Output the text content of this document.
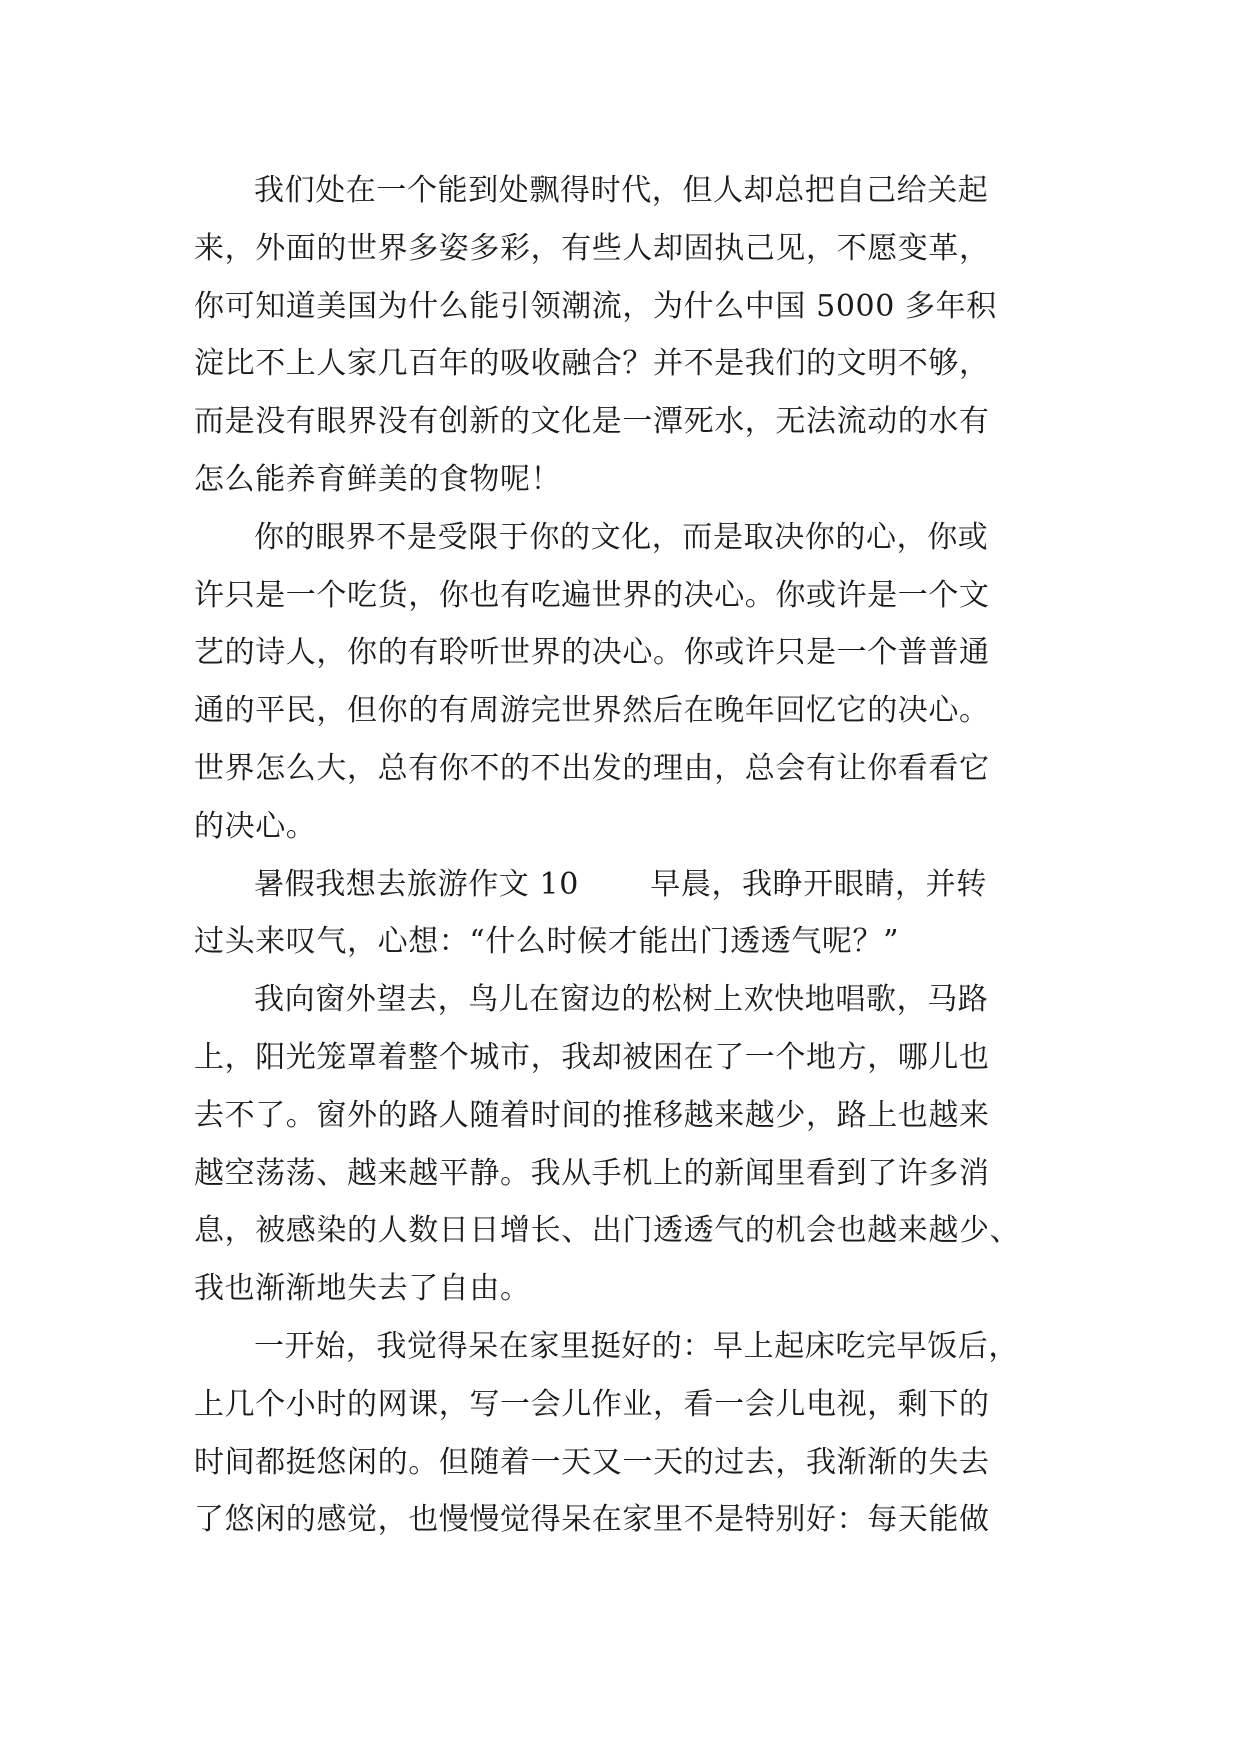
我们处在一个能到处飘得时代，但人却总把自己给关起
来，外面的世界多姿多彩，有些人却固执己见，不愿变革，
你可知道美国为什么能引领潮流，为什么中国 5000 多年积
淀比不上人家几百年的吸收融合？并不是我们的文明不够，
而是没有眼界没有创新的文化是一潭死水，无法流动的水有
怎么能养育鲜美的食物呢！
你的眼界不是受限于你的文化，而是取决你的心，你或
许只是一个吃货，你也有吃遍世界的决心。你或许是一个文
艺的诗人，你的有聆听世界的决心。你或许只是一个普普通
通的平民，但你的有周游完世界然后在晚年回忆它的决心。
世界怎么大，总有你不的不出发的理由，总会有让你看看它
的决心。
暑假我想去旅游作文 10　　 早晨，我睁开眼睛，并转
过头来叹气，心想：“什么时候才能出门透透气呢？”
我向窗外望去，鸟儿在窗边的松树上欢快地唱歌，马路
上，阳光笼罩着整个城市，我却被困在了一个地方，哪儿也
去不了。窗外的路人随着时间的推移越来越少，路上也越来
越空荡荡、越来越平静。我从手机上的新闻里看到了许多消
息，被感染的人数日日增长、出门透透气的机会也越来越少、
我也渐渐地失去了自由。
一开始，我觉得呆在家里挺好的：早上起床吃完早饭后，
上几个小时的网课，写一会儿作业，看一会儿电视，剩下的
时间都挺悠闲的。但随着一天又一天的过去，我渐渐的失去
了悠闲的感觉，也慢慢觉得呆在家里不是特别好：每天能做
